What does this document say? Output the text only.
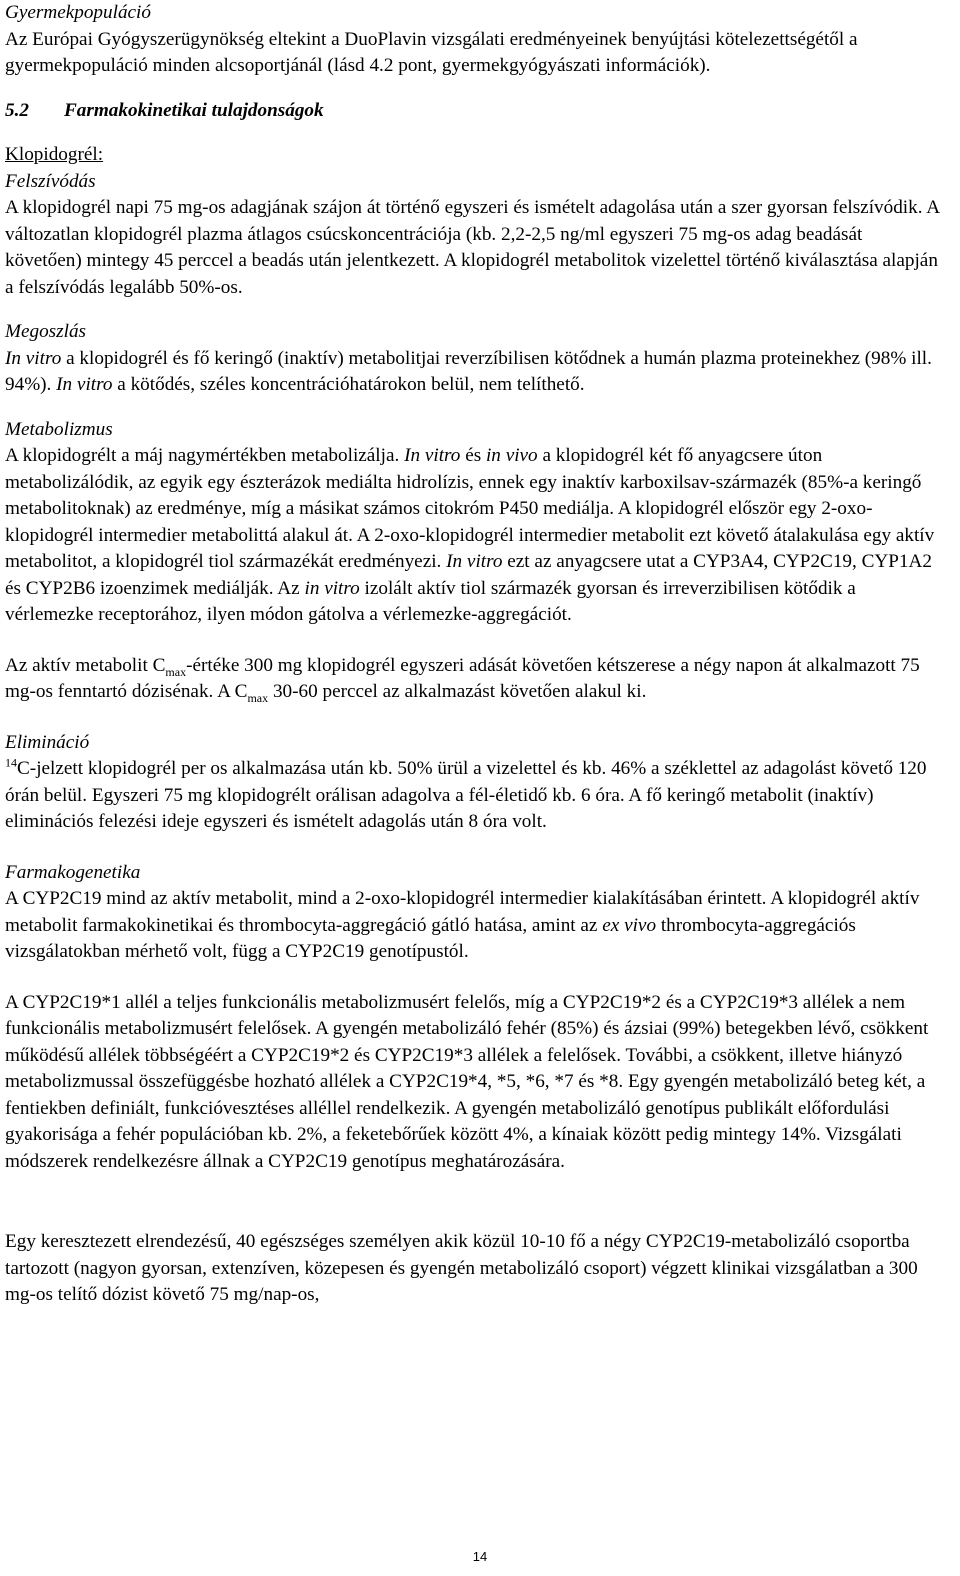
Gyermekpopuláció

Az Európai Gyógyszerügynökség eltekint a DuoPlavin vizsgálati eredményeinek benyújtási kötelezettségétől a gyermekpopuláció minden alcsoportjánál (lásd 4.2 pont, gyermekgyógyászati információk).

5.2 Farmakokinetikai tulajdonságok

Klopidogrél:

Felszívódás

A klopidogrél napi 75 mg-os adagjának szájon át történő egyszeri és ismételt adagolása után a szer gyorsan felszívódik. A változatlan klopidogrél plazma átlagos csúcskoncentrációja (kb. 2,2-2,5 ng/ml egyszeri 75 mg-os adag beadását követően) mintegy 45 perccel a beadás után jelentkezett. A klopidogrél metabolitok vizelettel történő kiválasztása alapján a felszívódás legalább 50%-os.

Megoszlás

In vitro a klopidogrél és fő keringő (inaktív) metabolitjai reverzíbilisen kötődnek a humán plazma proteinekhez (98% ill. 94%). In vitro a kötődés, széles koncentrációhatárokon belül, nem telíthető.

Metabolizmus

A klopidogrélt a máj nagymértékben metabolizálja. In vitro és in vivo a klopidogrél két fő anyagcsere úton metabolizálódik, az egyik egy észterázok mediálta hidrolízis, ennek egy inaktív karboxilsav-származék (85%-a keringő metabolitoknak) az eredménye, míg a másikat számos citokróm P450 mediálja. A klopidogrél először egy 2-oxo-klopidogrél intermedier metabolittá alakul át. A 2-oxo-klopidogrél intermedier metabolit ezt követő átalakulása egy aktív metabolitot, a klopidogrél tiol származékát eredményezi. In vitro ezt az anyagcsere utat a CYP3A4, CYP2C19, CYP1A2 és CYP2B6 izoenzimek mediálják. Az in vitro izolált aktív tiol származék gyorsan és irreverzibilisen kötődik a vérlemezke receptorához, ilyen módon gátolva a vérlemezke-aggregációt.

Az aktív metabolit $C_{max}$-értéke 300 mg klopidogrél egyszeri adását követően kétszerese a négy napon át alkalmazott 75 mg-os fenntartó dózisénak. A $C_{max}$ 30-60 perccel az alkalmazást követően alakul ki.

Elimináció

$^{14}$C-jelzett klopidogrél per os alkalmazása után kb. 50% ürül a vizelettel és kb. 46% a széklettel az adagolást követő 120 órán belül. Egyszeri 75 mg klopidogrélt orálisan adagolva a fél-életidő kb. 6 óra. A fő keringő metabolit (inaktív) eliminációs felezési ideje egyszeri és ismételt adagolás után 8 óra volt.

Farmakogenetika

A CYP2C19 mind az aktív metabolit, mind a 2-oxo-klopidogrél intermedier kialakításában érintett. A klopidogrél aktív metabolit farmakokinetikai és thrombocyta-aggregáció gátló hatása, amint az ex vivo thrombocyta-aggregációs vizsgálatokban mérhető volt, függ a CYP2C19 genotípustól.

A CYP2C19*1 allél a teljes funkcionális metabolizmusért felelős, míg a CYP2C19*2 és a CYP2C19*3 allélek a nem funkcionális metabolizmusért felelősek. A gyengén metabolizáló fehér (85%) és ázsiai (99%) betegekben lévő, csökkent működésű allélek többségéért a CYP2C19*2 és CYP2C19*3 allélek a felelősek. További, a csökkent, illetve hiányzó metabolizmussal összefüggésbe hozható allélek a CYP2C19*4, *5, *6, *7 és *8. Egy gyengén metabolizáló beteg két, a fentiekben definiált, funkcióvesztéses alléllel rendelkezik. A gyengén metabolizáló genotípus publikált előfordulási gyakorisága a fehér populációban kb. 2%, a feketebőrűek között 4%, a kínaiak között pedig mintegy 14%. Vizsgálati módszerek rendelkezésre állnak a CYP2C19 genotípus meghatározására.

Egy keresztezett elrendezésű, 40 egészséges személyen akik közül 10-10 fő a négy CYP2C19-metabolizáló csoportba tartozott (nagyon gyorsan, extenzíven, közepesen és gyengén metabolizáló csoport) végzett klinikai vizsgálatban a 300 mg-os telítő dózist követő 75 mg/nap-os,

14
